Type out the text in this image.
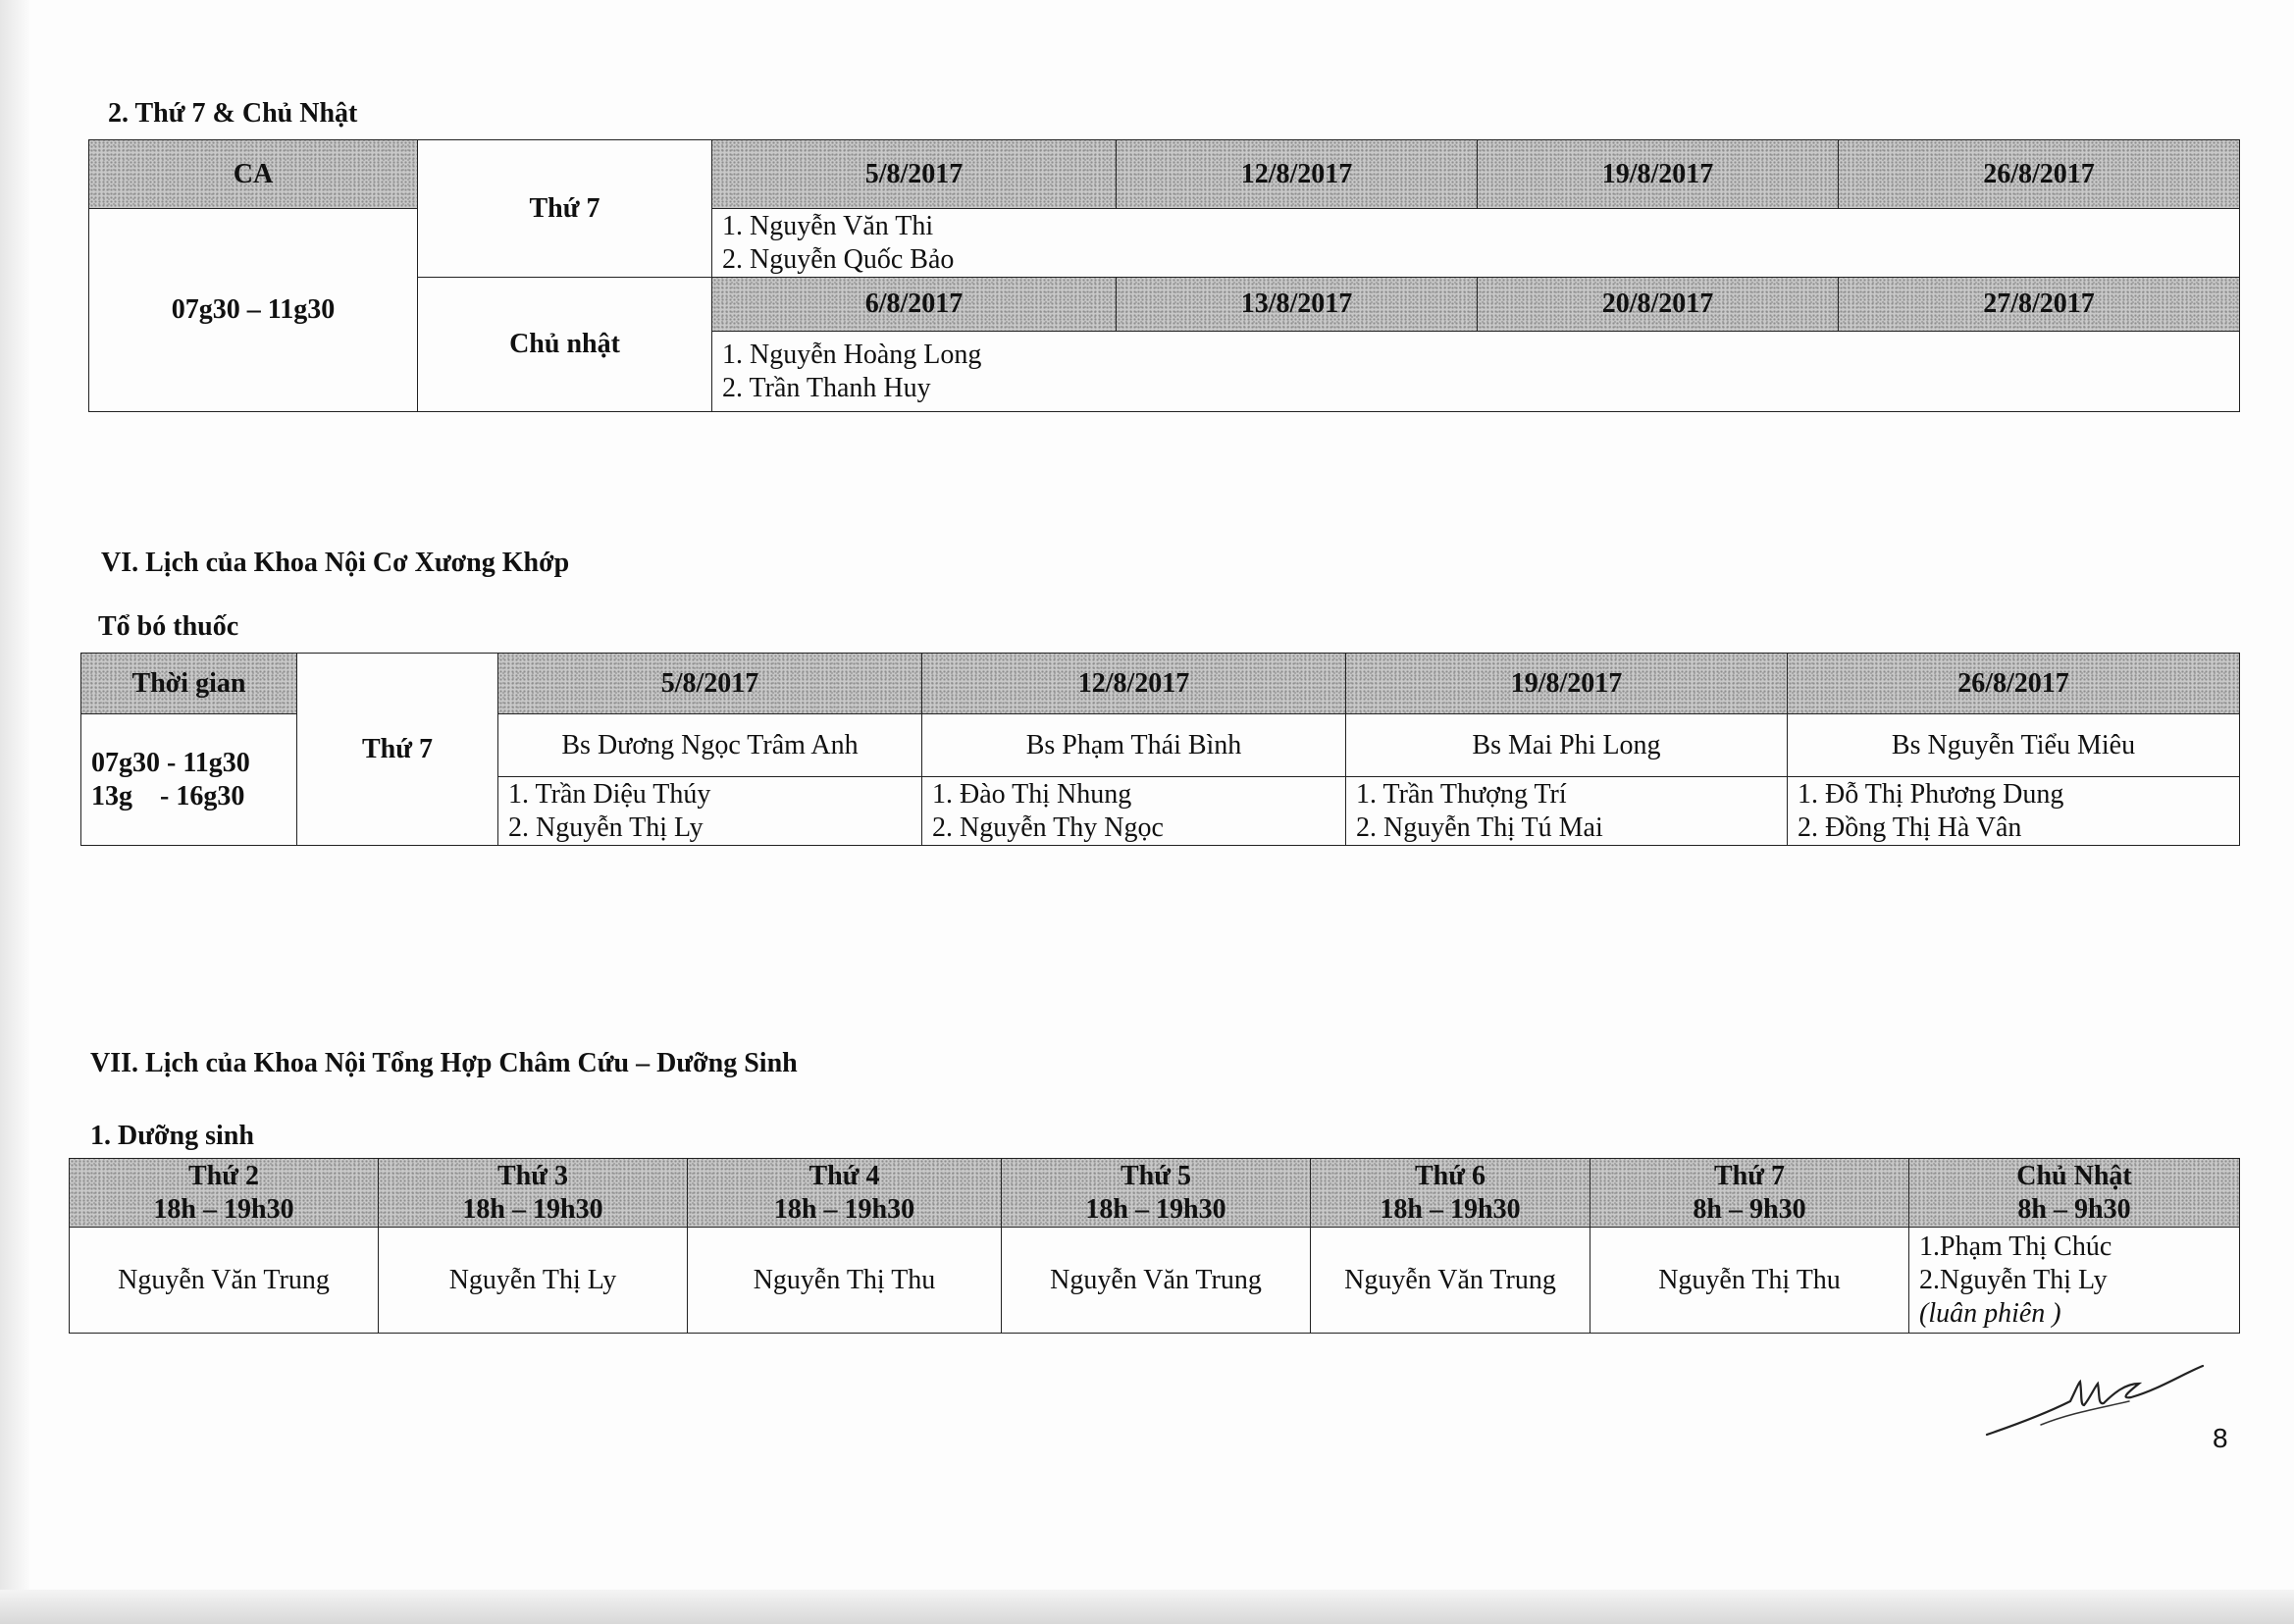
2. Thứ 7 & Chủ Nhật
CA	Thứ 7	5/8/2017	12/8/2017	19/8/2017	26/8/2017
07g30 – 11g30		1. Nguyễn Văn Thi
2. Nguyễn Quốc Bảo			

	Chủ nhật	6/8/2017	13/8/2017	20/8/2017	27/8/2017

		1. Nguyễn Hoàng Long
2. Trần Thanh Huy			
VI. Lịch của Khoa Nội Cơ Xương Khớp
Tổ bó thuốc
Thời gian	Thứ 7	5/8/2017	12/8/2017	19/8/2017	26/8/2017

07g30 - 11g30
13g    - 16g30		Bs Dương Ngọc Trâm Anh	Bs Phạm Thái Bình	Bs Mai Phi Long	Bs Nguyễn Tiểu Miêu

		1. Trần Diệu Thúy
2. Nguyễn Thị Ly	1. Đào Thị Nhung
2. Nguyễn Thy Ngọc	1. Trần Thượng Trí
2. Nguyễn Thị Tú Mai	1. Đỗ Thị Phương Dung
2. Đồng Thị Hà Vân
VII. Lịch của Khoa Nội Tổng Hợp Châm Cứu – Dưỡng Sinh
1. Dưỡng sinh
Thứ 2
18h – 19h30	Thứ 3
18h – 19h30	Thứ 4
18h – 19h30	Thứ 5
18h – 19h30	Thứ 6
18h – 19h30	Thứ 7
8h – 9h30	Chủ Nhật
8h – 9h30

Nguyễn Văn Trung	Nguyễn Thị Ly	Nguyễn Thị Thu	Nguyễn Văn Trung	Nguyễn Văn Trung	Nguyễn Thị Thu	1.Phạm Thị Chúc
2.Nguyễn Thị Ly
(luân phiên )
8
